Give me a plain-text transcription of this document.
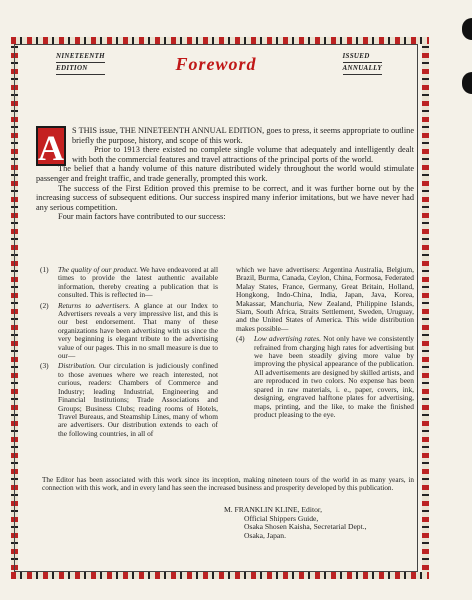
NINETEENTH
EDITION	Foreword	ISSUED
ANNUALLY
A S THIS issue, THE NINETEENTH ANNUAL EDITION, goes to press, it seems appropriate to outline briefly the purpose, history, and scope of this work.

Prior to 1913 there existed no complete single volume that adequately and intelligently dealt with both the commercial features and travel attractions of the principal ports of the world.

The belief that a handy volume of this nature distributed widely throughout the world would stimulate passenger and freight traffic, and trade generally, prompted this work.

The success of the First Edition proved this premise to be correct, and it was further borne out by the increasing success of subsequent editions. Our success inspired many inferior imitations, but we have never had any serious competition.

Four main factors have contributed to our success:

(1)	The quality of our product. We have endeavored at all times to provide the latest authentic available information, thereby creating a publication that is consulted. This is reflected in—
(2)	Returns to advertisers. A glance at our Index to Advertisers reveals a very impressive list, and this is our best endorsement. That many of these organizations have been advertising with us since the very beginning is elegant tribute to the advertising value of our pages. This in no small measure is due to our—
(3)	Distribution. Our circulation is judiciously confined to those avenues where we reach interested, not curious, readers: Chambers of Commerce and Industry; leading Industrial, Engineering and Financial Institutions; Trade Associations and Groups; Business Clubs; reading rooms of Hotels, Travel Bureaus, and Steamship Lines, many of whom are advertisers. Our distribution extends to each of the following countries, in all of
which we have advertisers: Argentina Australia, Belgium, Brazil, Burma, Canada, Ceylon, China, Formosa, Federated Malay States, France, Germany, Great Britain, Holland, Hongkong, Indo-China, India, Japan, Java, Korea, Makassar, Manchuria, New Zealand, Philippine Islands, Siam, South Africa, Straits Settlement, Sweden, Uruguay, and the United States of America. This wide distribution makes possible—
(4)	Low advertising rates. Not only have we consistently refrained from charging high rates for advertising but we have been steadily giving more value by improving the physical appearance of the publication. All advertisements are designed by skilled artists, and are reproduced in two colors. No expense has been spared in raw materials, i. e., paper, covers, ink, designing, engraved halftone plates for advertising, maps, printing, and the like, to make the finished product pleasing to the eye.
The Editor has been associated with this work since its inception, making nineteen tours of the world in as many years, in connection with this work, and in every land has seen the increased business and prosperity developed by this publication.
M. FRANKLIN KLINE, Editor,
Official Shippers Guide,
Osaka Shosen Kaisha, Secretarial Dept.,
Osaka, Japan.
